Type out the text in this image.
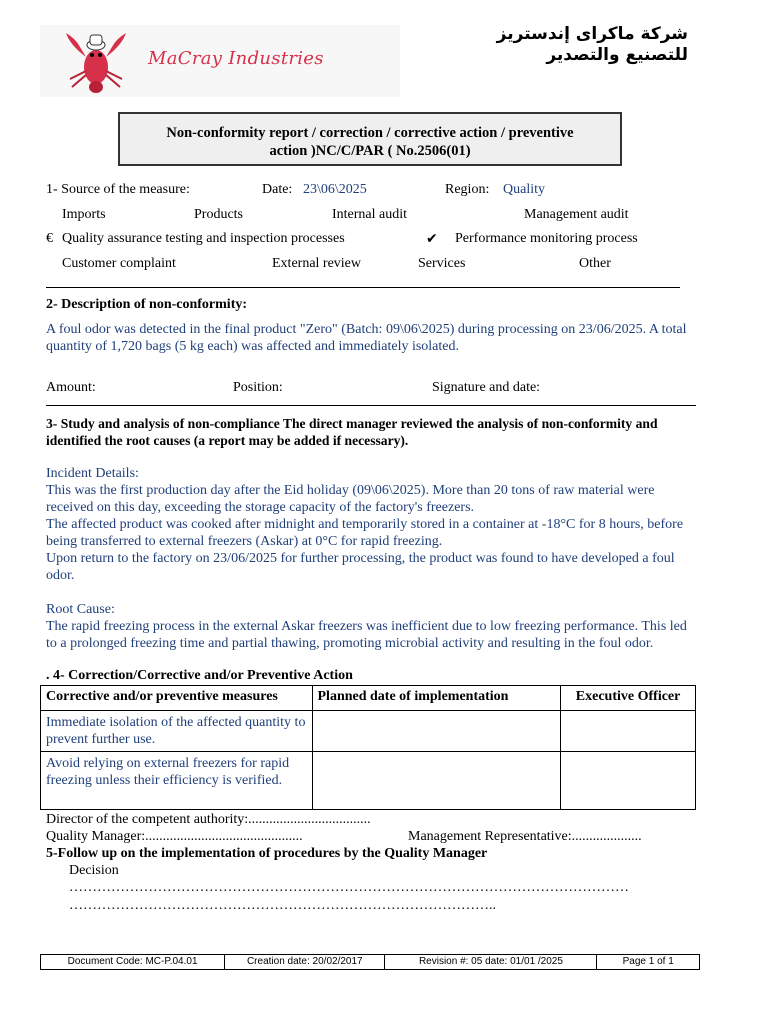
MaCray Industries
شركة ماكراى إندستريز
للتصنيع والتصدير
Non-conformity report / correction / corrective action / preventive
action )NC/C/PAR ( No.2506(01)
1- Source of the measure:	Date: 23\06\2025	Region: Quality
Imports	Products	Internal audit	Management audit
€ Quality assurance testing and inspection processes	✔ Performance monitoring process
Customer complaint	External review	Services	Other
2- Description of non-conformity:
A foul odor was detected in the final product "Zero" (Batch: 09\06\2025) during processing on 23/06/2025. A total quantity of 1,720 bags (5 kg each) was affected and immediately isolated.
Amount:	Position:	Signature and date:
3- Study and analysis of non-compliance The direct manager reviewed the analysis of non-conformity and identified the root causes (a report may be added if necessary).
Incident Details:
This was the first production day after the Eid holiday (09\06\2025). More than 20 tons of raw material were received on this day, exceeding the storage capacity of the factory's freezers.
The affected product was cooked after midnight and temporarily stored in a container at -18°C for 8 hours, before being transferred to external freezers (Askar) at 0°C for rapid freezing.
Upon return to the factory on 23/06/2025 for further processing, the product was found to have developed a foul odor.
Root Cause:
The rapid freezing process in the external Askar freezers was inefficient due to low freezing performance. This led to a prolonged freezing time and partial thawing, promoting microbial activity and resulting in the foul odor.
. 4- Correction/Corrective and/or Preventive Action
Corrective and/or preventive measures	Planned date of implementation	Executive Officer
Immediate isolation of the affected quantity to prevent further use.		
Avoid relying on external freezers for rapid freezing unless their efficiency is verified.		
Director of the competent authority:...................................
Quality Manager:.............................................	Management Representative:....................
5-Follow up on the implementation of procedures by the Quality Manager
Decision
…………………………………………………………………………………………………………
………………………………………………………………………………..
Document Code: MC-P.04.01	Creation date: 20/02/2017	Revision #: 05 date: 01/01 /2025	Page 1 of 1
